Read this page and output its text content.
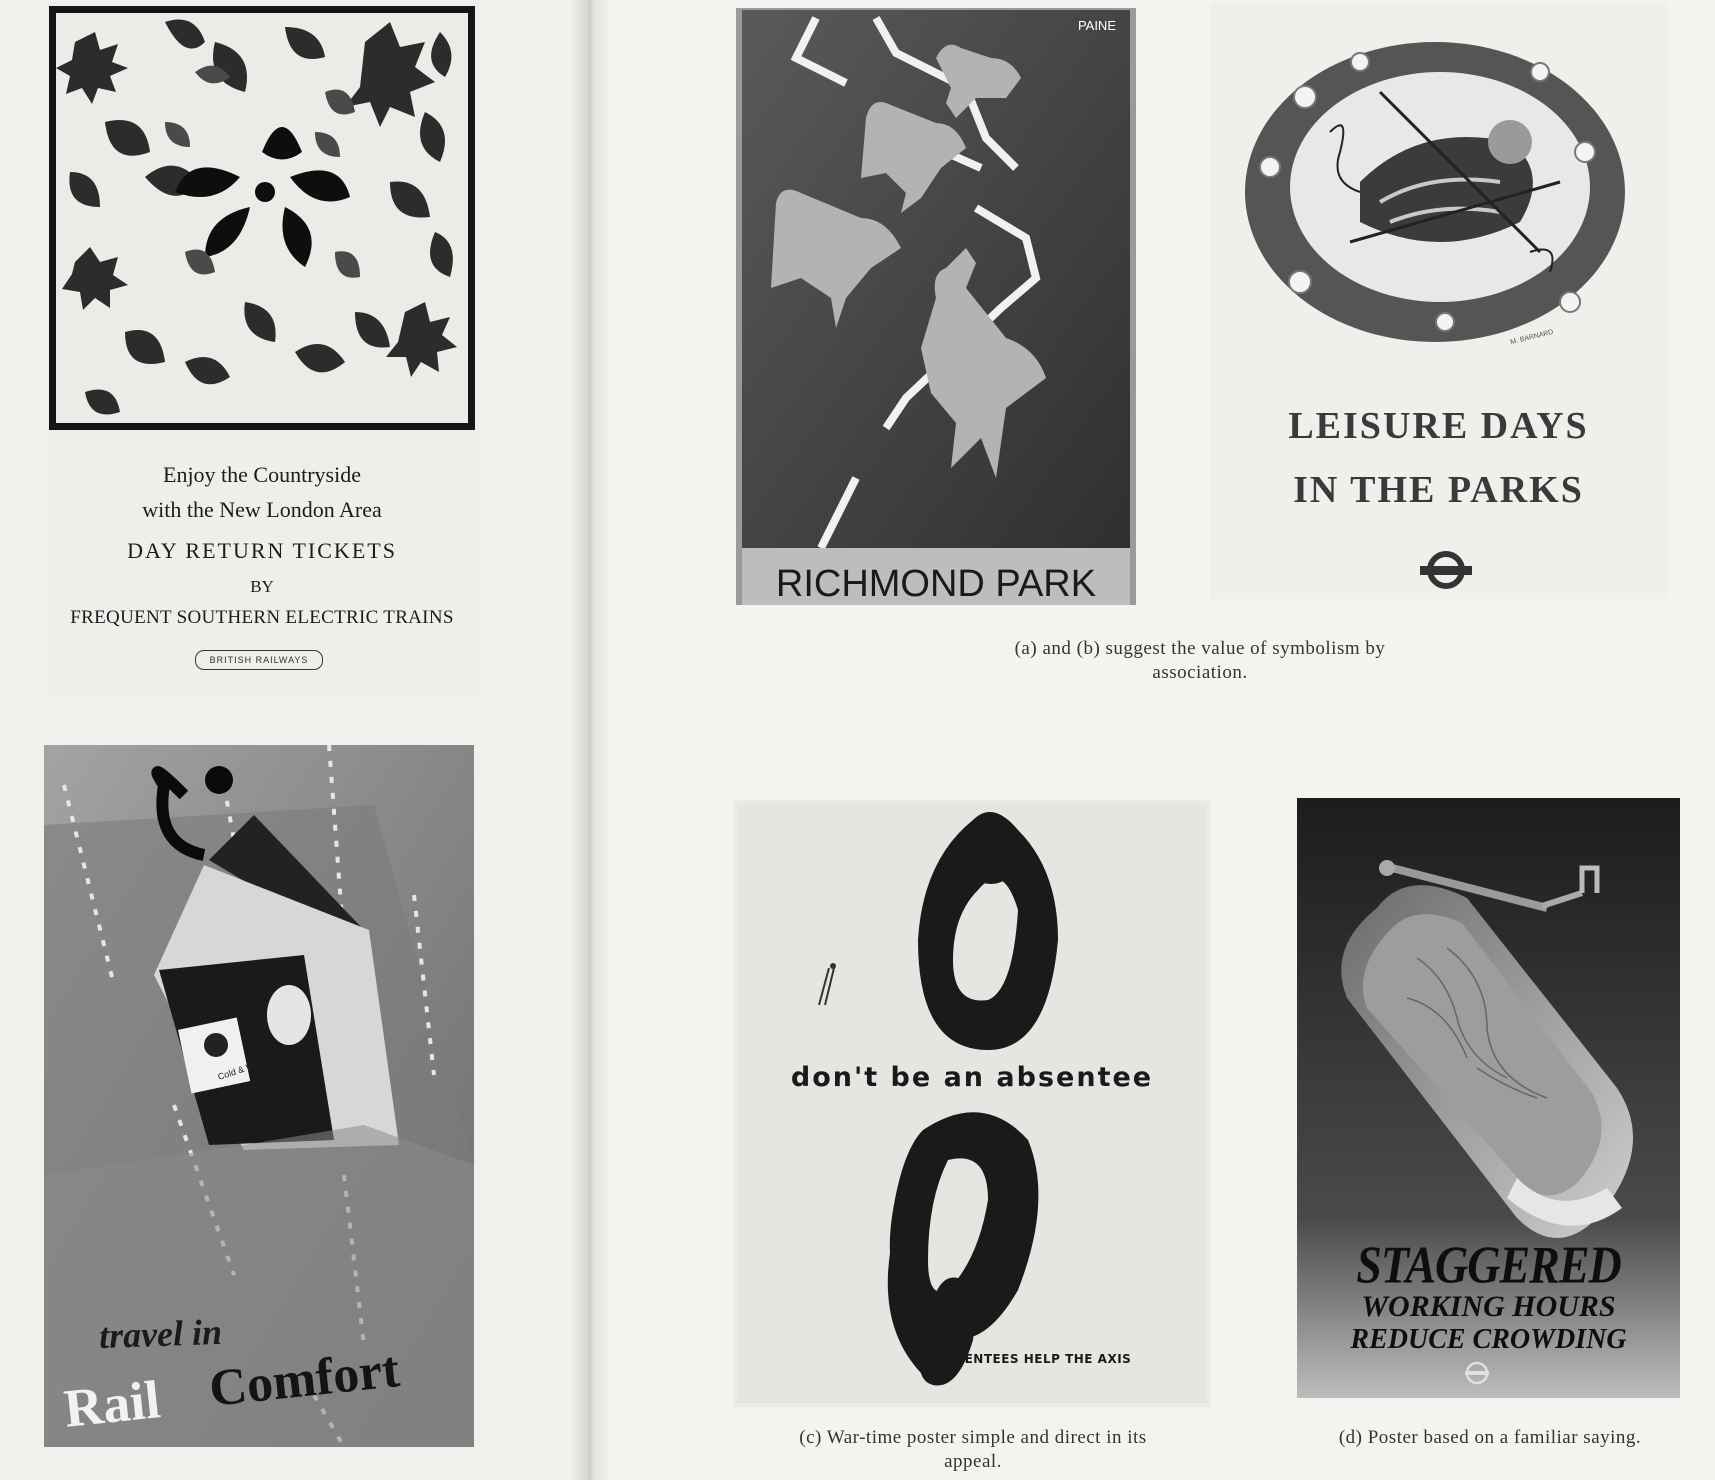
Enjoy the Countryside
with the New London Area
DAY RETURN TICKETS
BY
FREQUENT SOUTHERN ELECTRIC TRAINS
BRITISH RAILWAYS
Cold & Wet
travel in
Rail Comfort
PAINE
RICHMOND PARK
M. BARNARD
LEISURE DAYS
IN THE PARKS
(a) and (b) suggest the value of symbolism by
association.
don't be an absentee
ABSENTEES HELP THE AXIS
STAGGERED
WORKING HOURS
REDUCE CROWDING
(c) War-time poster simple and direct in its
appeal.
(d) Poster based on a familiar saying.
